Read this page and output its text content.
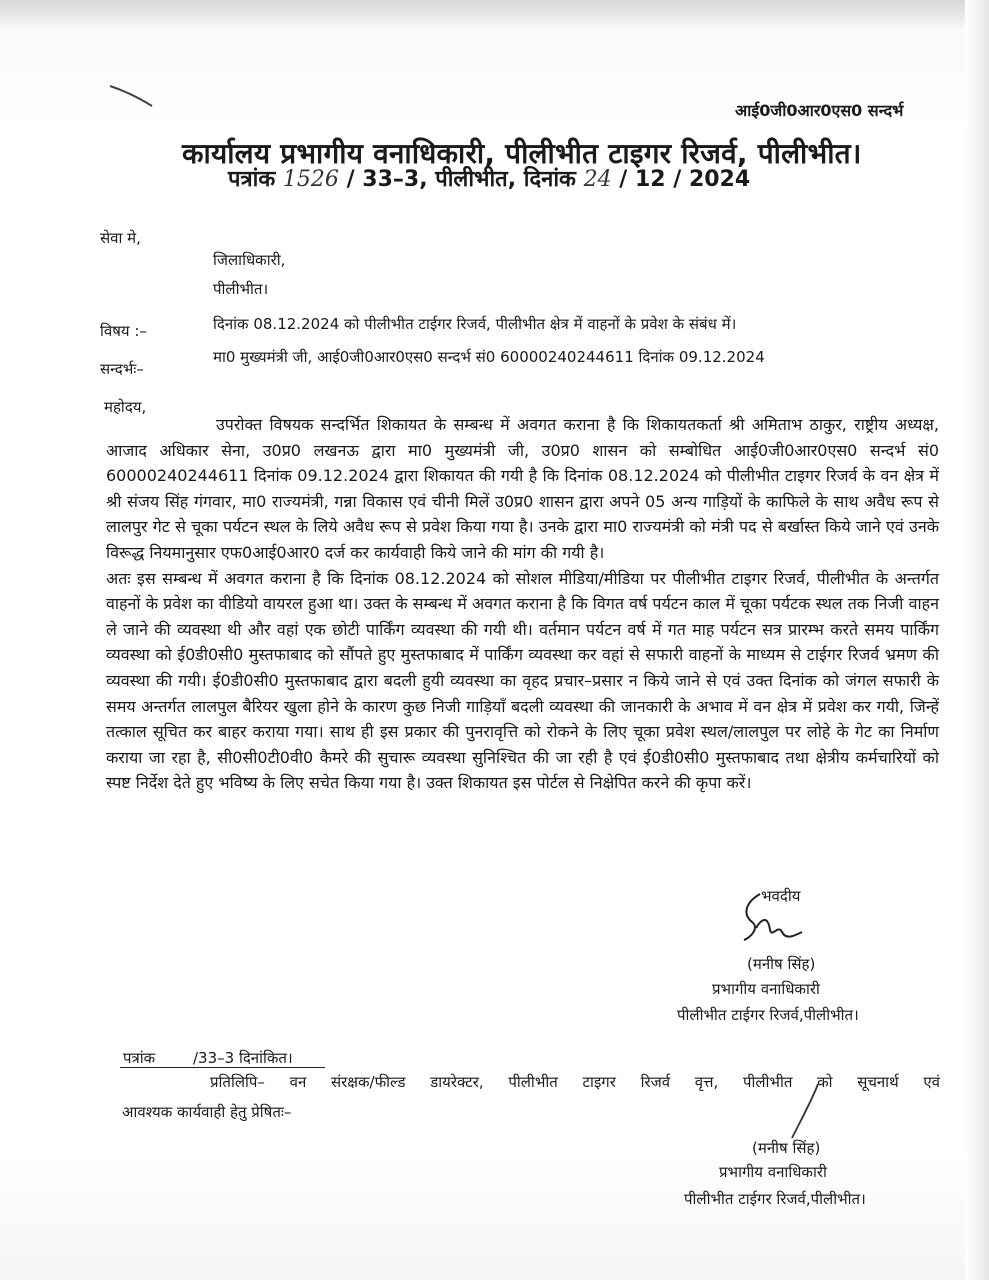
आई0जी0आर0एस0 सन्दर्भ
कार्यालय प्रभागीय वनाधिकारी, पीलीभीत टाइगर रिजर्व, पीलीभीत।
पत्रांक 1526 / 33–3, पीलीभीत, दिनांक 24 / 12 / 2024
सेवा मे,
जिलाधिकारी,
पीलीभीत।
विषय :–	दिनांक 08.12.2024 को पीलीभीत टाईगर रिजर्व, पीलीभीत क्षेत्र में वाहनों के प्रवेश के संबंध में।
सन्दर्भः–
मा0 मुख्यमंत्री जी, आई0जी0आर0एस0 सन्दर्भ सं0 60000240244611 दिनांक 09.12.2024
महोदय,

उपरोक्त विषयक सन्दर्भित शिकायत के सम्बन्ध में अवगत कराना है कि शिकायतकर्ता श्री अमिताभ ठाकुर, राष्ट्रीय अध्यक्ष, आजाद अधिकार सेना, उ0प्र0 लखनऊ द्वारा मा0 मुख्यमंत्री जी, उ0प्र0 शासन को सम्बोधित आई0जी0आर0एस0 सन्दर्भ सं0 60000240244611 दिनांक 09.12.2024 द्वारा शिकायत की गयी है कि दिनांक 08.12.2024 को पीलीभीत टाइगर रिजर्व के वन क्षेत्र में श्री संजय सिंह गंगवार, मा0 राज्यमंत्री, गन्ना विकास एवं चीनी मिलें उ0प्र0 शासन द्वारा अपने 05 अन्य गाड़ियों के काफिले के साथ अवैध रूप से लालपुर गेट से चूका पर्यटन स्थल के लिये अवैध रूप से प्रवेश किया गया है। उनके द्वारा मा0 राज्यमंत्री को मंत्री पद से बर्खास्त किये जाने एवं उनके विरूद्ध नियमानुसार एफ0आई0आर0 दर्ज कर कार्यवाही किये जाने की मांग की गयी है।

अतः इस सम्बन्ध में अवगत कराना है कि दिनांक 08.12.2024 को सोशल मीडिया/मीडिया पर पीलीभीत टाइगर रिजर्व, पीलीभीत के अन्तर्गत वाहनों के प्रवेश का वीडियो वायरल हुआ था। उक्त के सम्बन्ध में अवगत कराना है कि विगत वर्ष पर्यटन काल में चूका पर्यटक स्थल तक निजी वाहन ले जाने की व्यवस्था थी और वहां एक छोटी पार्किंग व्यवस्था की गयी थी। वर्तमान पर्यटन वर्ष में गत माह पर्यटन सत्र प्रारम्भ करते समय पार्किंग व्यवस्था को ई0डी0सी0 मुस्तफाबाद को सौंपते हुए मुस्तफाबाद में पार्किंग व्यवस्था कर वहां से सफारी वाहनों के माध्यम से टाईगर रिजर्व भ्रमण की व्यवस्था की गयी। ई0डी0सी0 मुस्तफाबाद द्वारा बदली हुयी व्यवस्था का वृहद प्रचार–प्रसार न किये जाने से एवं उक्त दिनांक को जंगल सफारी के समय अन्तर्गत लालपुल बैरियर खुला होने के कारण कुछ निजी गाड़ियाँ बदली व्यवस्था की जानकारी के अभाव में वन क्षेत्र में प्रवेश कर गयी, जिन्हें तत्काल सूचित कर बाहर कराया गया। साथ ही इस प्रकार की पुनरावृत्ति को रोकने के लिए चूका प्रवेश स्थल/लालपुल पर लोहे के गेट का निर्माण कराया जा रहा है, सी0सी0टी0वी0 कैमरे की सुचारू व्यवस्था सुनिश्चित की जा रही है एवं ई0डी0सी0 मुस्तफाबाद तथा क्षेत्रीय कर्मचारियों को स्पष्ट निर्देश देते हुए भविष्य के लिए सचेत किया गया है। उक्त शिकायत इस पोर्टल से निक्षेपित करने की कृपा करें।

भवदीय
(मनीष सिंह)
प्रभागीय वनाधिकारी
पीलीभीत टाईगर रिजर्व,पीलीभीत।
पत्रांक	/33–3 दिनांकित।
प्रतिलिपि– वन संरक्षक/फील्ड डायरेक्टर, पीलीभीत टाइगर रिजर्व वृत्त, पीलीभीत को सूचनार्थ एवं
आवश्यक कार्यवाही हेतु प्रेषितः–
(मनीष सिंह)
प्रभागीय वनाधिकारी
पीलीभीत टाईगर रिजर्व,पीलीभीत।
